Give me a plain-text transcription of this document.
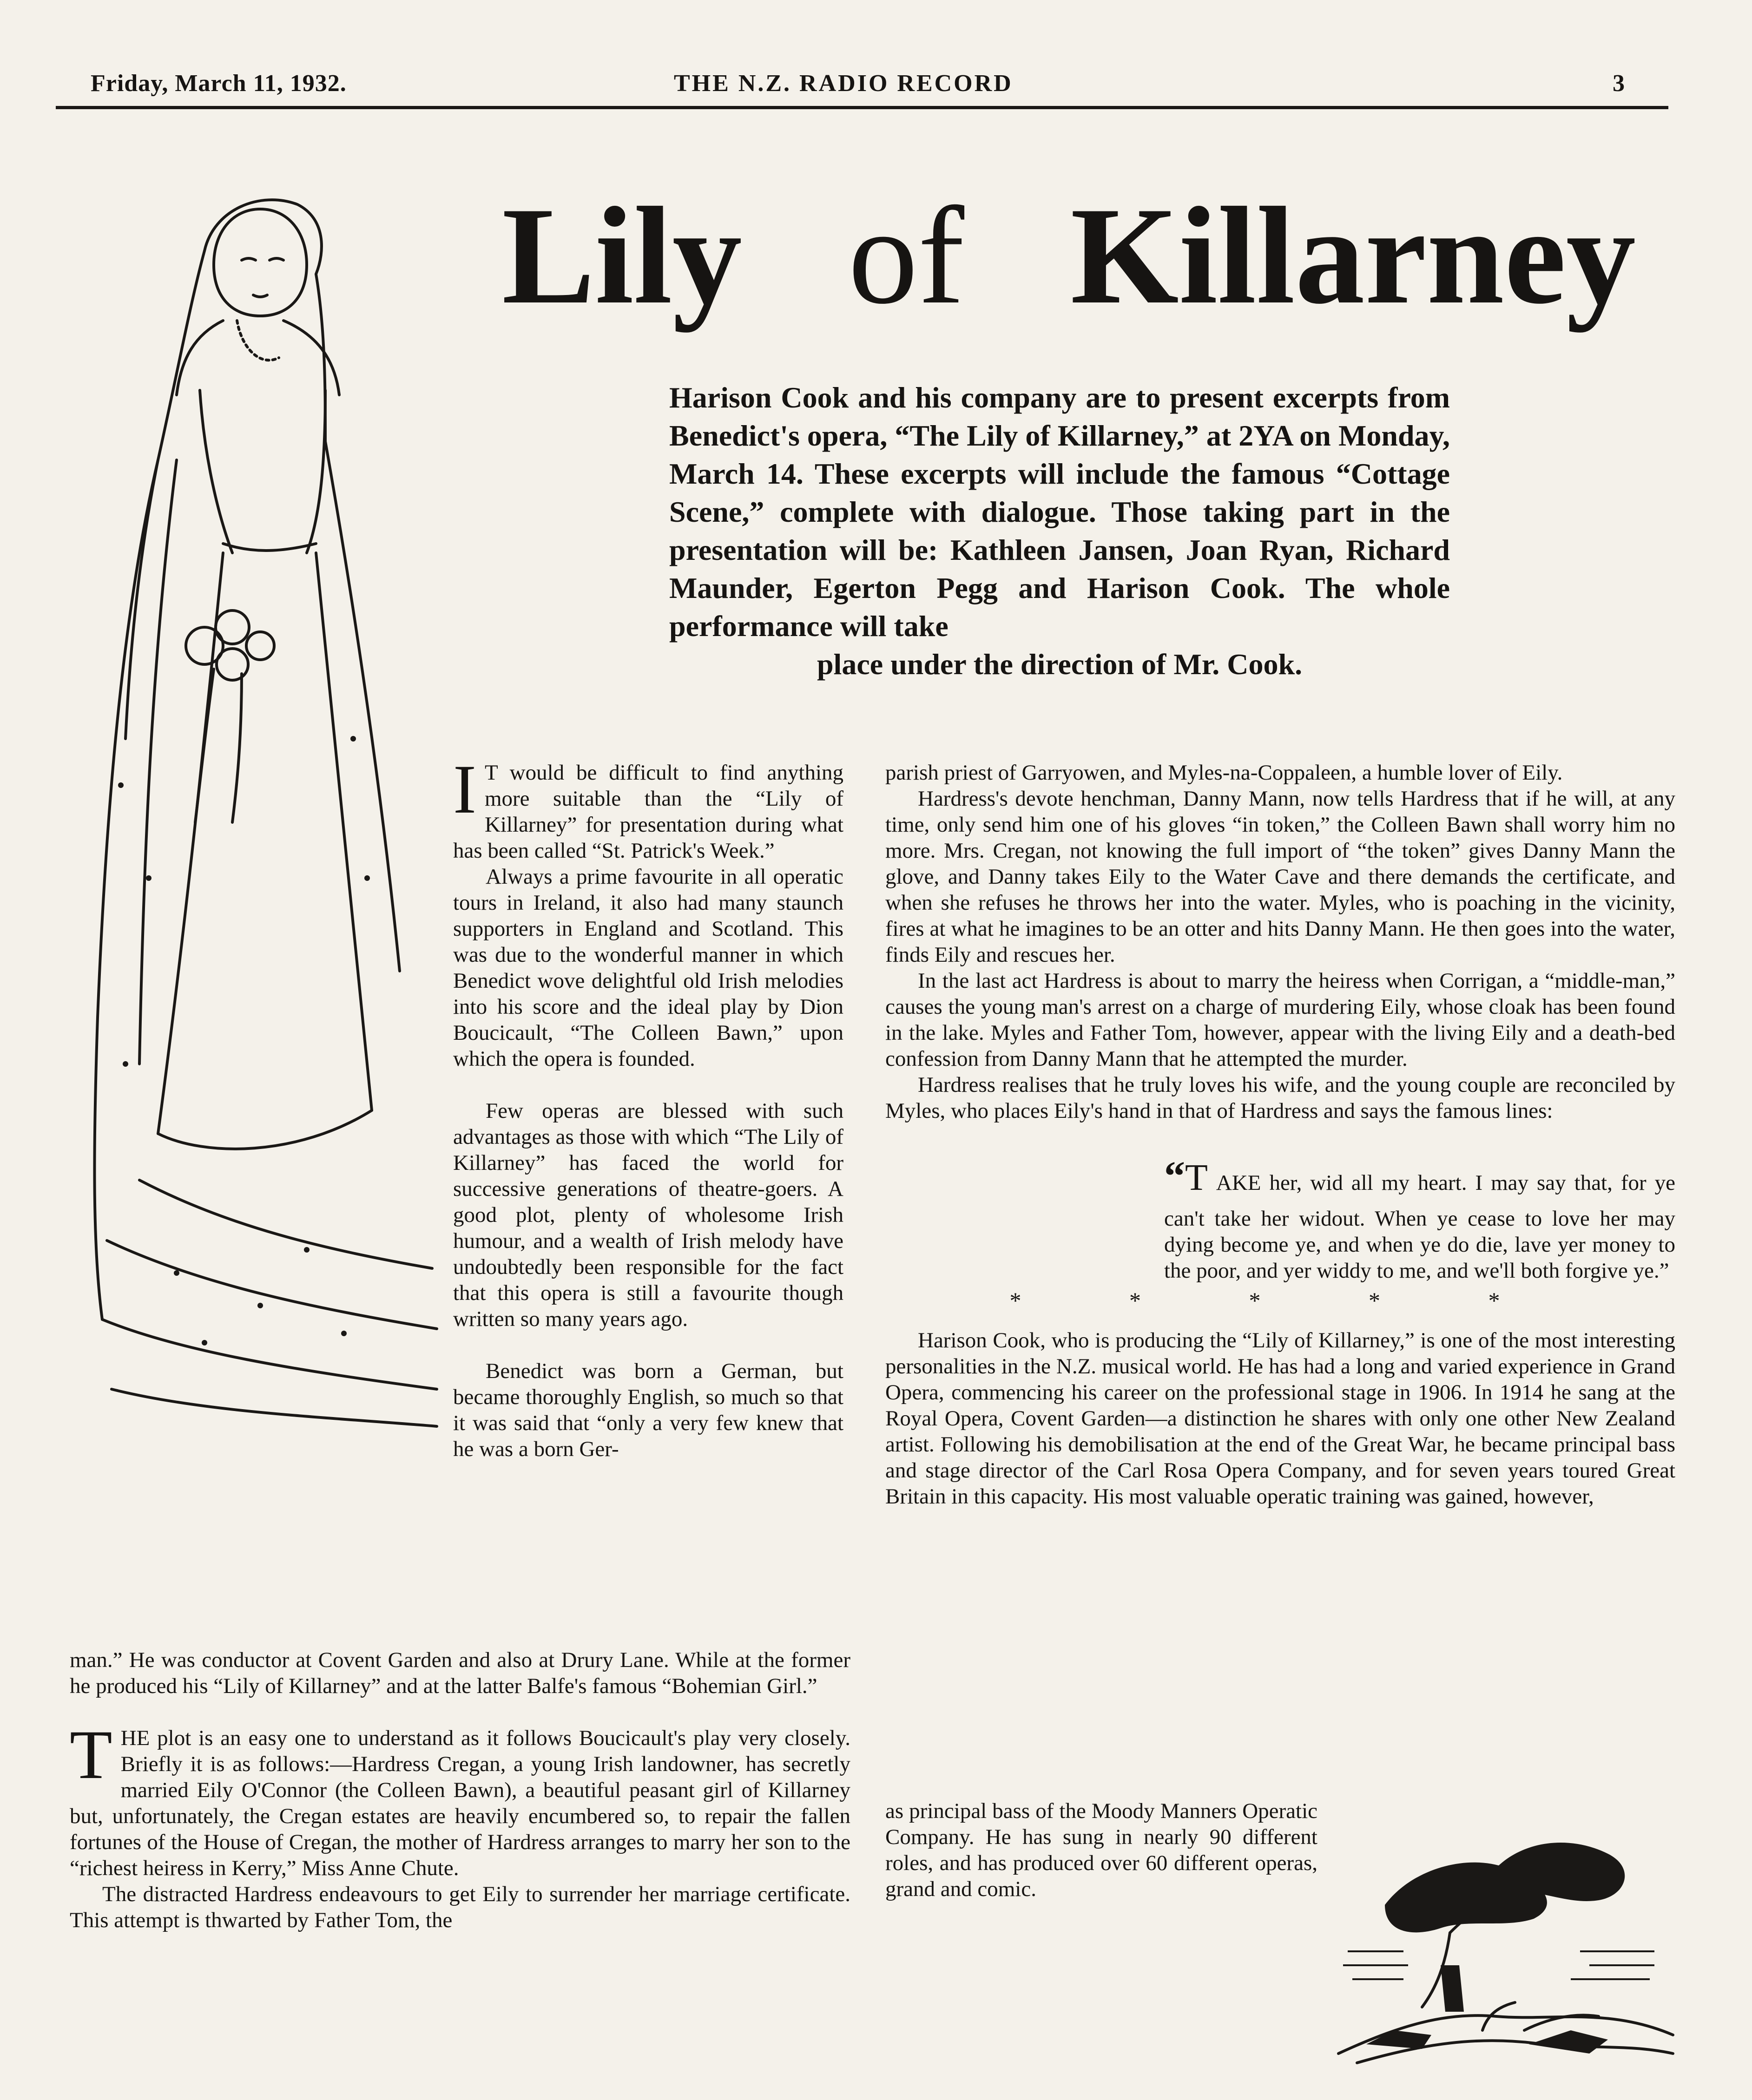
Friday, March 11, 1932.	THE N.Z. RADIO RECORD	3
Lily of Killarney
Harison Cook and his company are to present excerpts from Benedict's opera, “The Lily of Killarney,” at 2YA on Monday, March 14. These excerpts will include the famous “Cottage Scene,” complete with dialogue. Those taking part in the presentation will be: Kathleen Jansen, Joan Ryan, Richard Maunder, Egerton Pegg and Harison Cook. The whole performance will take
place under the direction of Mr. Cook.

I T would be difficult to find anything more suitable than the “Lily of Killarney” for presentation during what has been called “St. Patrick's Week.”

Always a prime favourite in all operatic tours in Ireland, it also had many staunch supporters in England and Scotland. This was due to the wonderful manner in which Benedict wove delightful old Irish melodies into his score and the ideal play by Dion Boucicault, “The Colleen Bawn,” upon which the opera is founded.

Few operas are blessed with such advantages as those with which “The Lily of Killarney” has faced the world for successive generations of theatre-goers. A good plot, plenty of wholesome Irish humour, and a wealth of Irish melody have undoubtedly been responsible for the fact that this opera is still a favourite though written so many years ago.

Benedict was born a German, but became thoroughly English, so much so that it was said that “only a very few knew that he was a born Ger-

man.” He was conductor at Covent Garden and also at Drury Lane. While at the former he produced his “Lily of Killarney” and at the latter Balfe's famous “Bohemian Girl.”

THE plot is an easy one to understand as it follows Boucicault's play very closely. Briefly it is as follows:—Hardress Cregan, a young Irish landowner, has secretly married Eily O'Connor (the Colleen Bawn), a beautiful peasant girl of Killarney but, unfortunately, the Cregan estates are heavily encumbered so, to repair the fallen fortunes of the House of Cregan, the mother of Hardress arranges to marry her son to the “richest heiress in Kerry,” Miss Anne Chute.

The distracted Hardress endeavours to get Eily to surrender her marriage certificate. This attempt is thwarted by Father Tom, the

parish priest of Garryowen, and Myles-na-Coppaleen, a humble lover of Eily.

Hardress's devote henchman, Danny Mann, now tells Hardress that if he will, at any time, only send him one of his gloves “in token,” the Colleen Bawn shall worry him no more. Mrs. Cregan, not knowing the full import of “the token” gives Danny Mann the glove, and Danny takes Eily to the Water Cave and there demands the certificate, and when she refuses he throws her into the water. Myles, who is poaching in the vicinity, fires at what he imagines to be an otter and hits Danny Mann. He then goes into the water, finds Eily and rescues her.

In the last act Hardress is about to marry the heiress when Corrigan, a “middle-man,” causes the young man's arrest on a charge of murdering Eily, whose cloak has been found in the lake. Myles and Father Tom, however, appear with the living Eily and a death-bed confession from Danny Mann that he attempted the murder.

Hardress realises that he truly loves his wife, and the young couple are reconciled by Myles, who places Eily's hand in that of Hardress and says the famous lines:

“T AKE her, wid all my heart. I may say that, for ye can't take her widout. When ye cease to love her may dying become ye, and when ye do die, lave yer money to the poor, and yer widdy to me, and we'll both forgive ye.”

* * * * *

Harison Cook, who is producing the “Lily of Killarney,” is one of the most interesting personalities in the N.Z. musical world. He has had a long and varied experience in Grand Opera, commencing his career on the professional stage in 1906. In 1914 he sang at the Royal Opera, Covent Garden—a distinction he shares with only one other New Zealand artist. Following his demobilisation at the end of the Great War, he became principal bass and stage director of the Carl Rosa Opera Company, and for seven years toured Great Britain in this capacity. His most valuable operatic training was gained, however,

as principal bass of the Moody Manners Operatic Company. He has sung in nearly 90 different roles, and has produced over 60 different operas, grand and comic.
